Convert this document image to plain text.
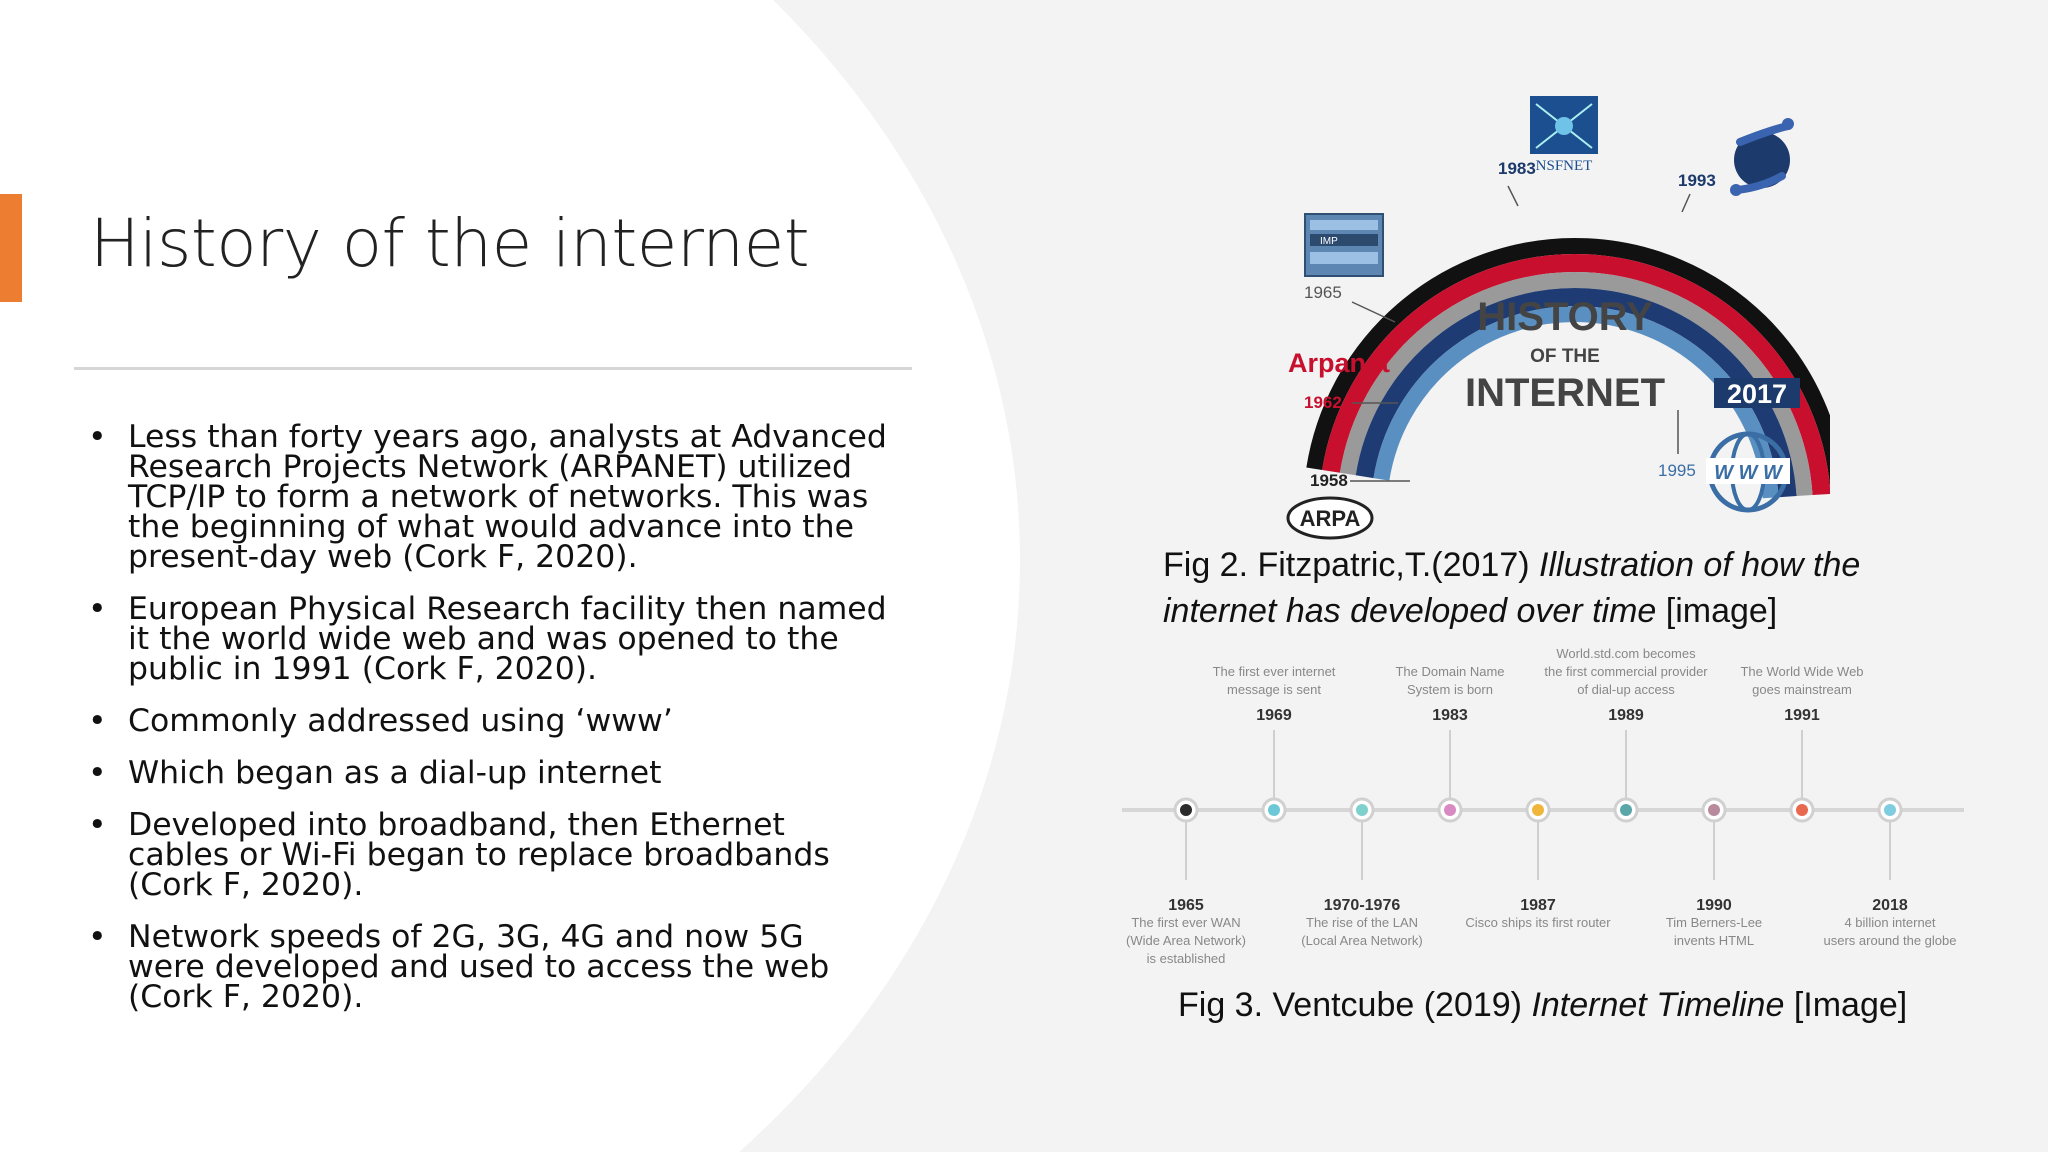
History of the internet
• Less than forty years ago, analysts at Advanced Research Projects Network (ARPANET) utilized TCP/IP to form a network of networks. This was the beginning of what would advance into the present-day web (Cork F, 2020).
• European Physical Research facility then named it the world wide web and was opened to the public in 1991 (Cork F, 2020).
• Commonly addressed using ‘www’
• Which began as a dial-up internet
• Developed into broadband, then Ethernet cables or Wi-Fi began to replace broadbands (Cork F, 2020).
• Network speeds of 2G, 3G, 4G and now 5G were developed and used to access the web (Cork F, 2020).
NSFNET
1983
1993
IMP
1965
Arpanet
1962
1958
ARPA
HISTORY
OF THE
INTERNET 2017
1995 W W W
Fig 2. Fitzpatric,T.(2017) Illustration of how the internet has developed over time [image]
The first ever internet
message is sent
1969
The Domain Name
System is born
1983
World.std.com becomes
the first commercial provider
of dial-up access
1989
The World Wide Web
goes mainstream
1991
1965
The first ever WAN
(Wide Area Network)
is established
1970-1976
The rise of the LAN
(Local Area Network)
1987
Cisco ships its first router
1990
Tim Berners-Lee
invents HTML
2018
4 billion internet
users around the globe
Fig 3. Ventcube (2019) Internet Timeline [Image]
